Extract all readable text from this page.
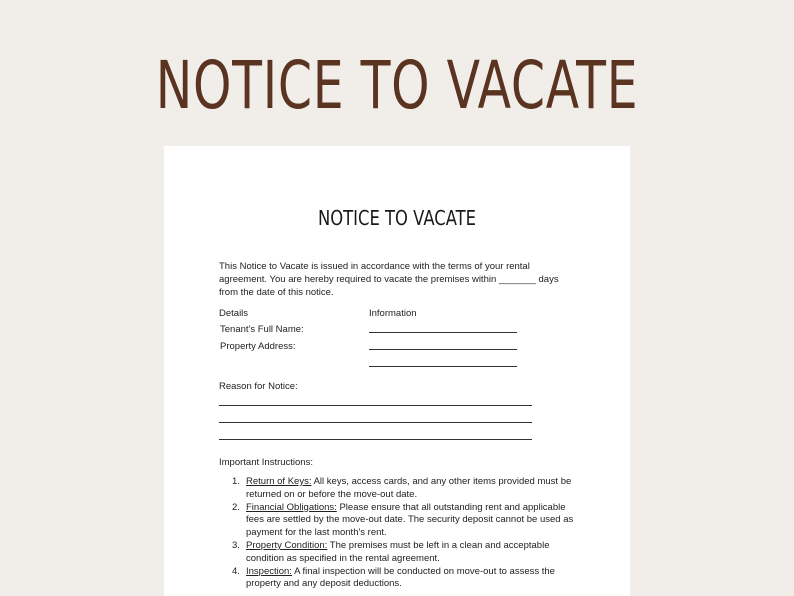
NOTICE TO VACATE
NOTICE TO VACATE
This Notice to Vacate is issued in accordance with the terms of your rental agreement. You are hereby required to vacate the premises within _______ days from the date of this notice.
Details	Information
Tenant's Full Name:
Property Address:
Reason for Notice:
Important Instructions:
1. Return of Keys: All keys, access cards, and any other items provided must be returned on or before the move-out date.
2. Financial Obligations: Please ensure that all outstanding rent and applicable fees are settled by the move-out date. The security deposit cannot be used as payment for the last month's rent.
3. Property Condition: The premises must be left in a clean and acceptable condition as specified in the rental agreement.
4. Inspection: A final inspection will be conducted on move-out to assess the property and any deposit deductions.
